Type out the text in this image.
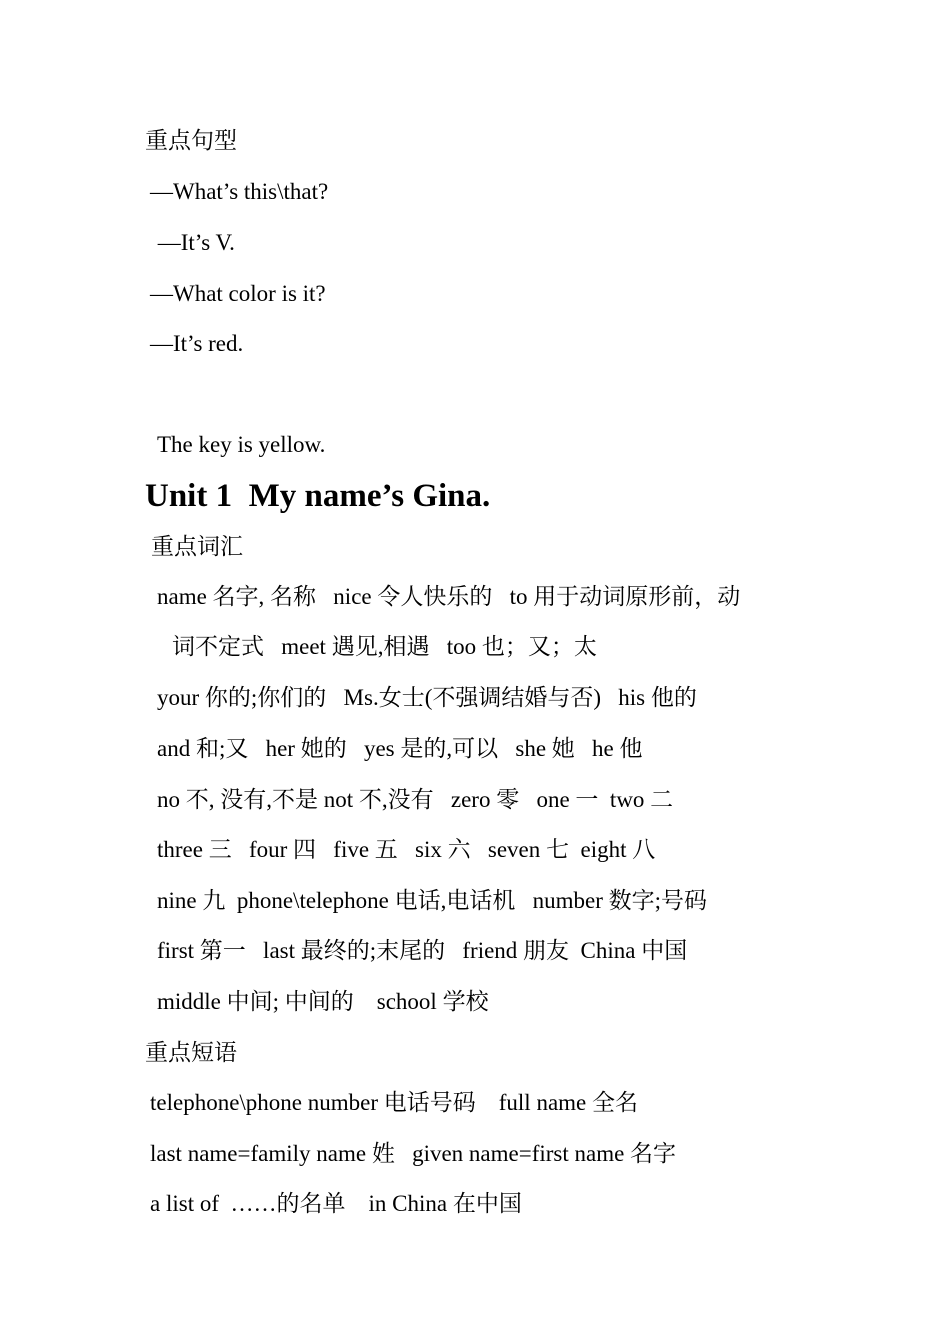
重点句型
—What’s this\that?
—It’s V.
—What color is it?
—It’s red.
The key is yellow.
Unit 1  My name’s Gina.
重点词汇
name 名字, 名称   nice 令人快乐的   to 用于动词原形前，动
词不定式   meet 遇见,相遇   too 也；又；太
your 你的;你们的   Ms.女士(不强调结婚与否)   his 他的
and 和;又   her 她的   yes 是的,可以   she 她   he 他
no 不, 没有,不是 not 不,没有   zero 零   one 一  two 二
three 三   four 四   five 五   six 六   seven 七  eight 八
nine 九  phone\telephone 电话,电话机   number 数字;号码
first 第一   last 最终的;末尾的   friend 朋友  China 中国
middle 中间; 中间的    school 学校
重点短语
telephone\phone number 电话号码    full name 全名
last name=family name 姓   given name=first name 名字
a list of  ……的名单    in China 在中国
